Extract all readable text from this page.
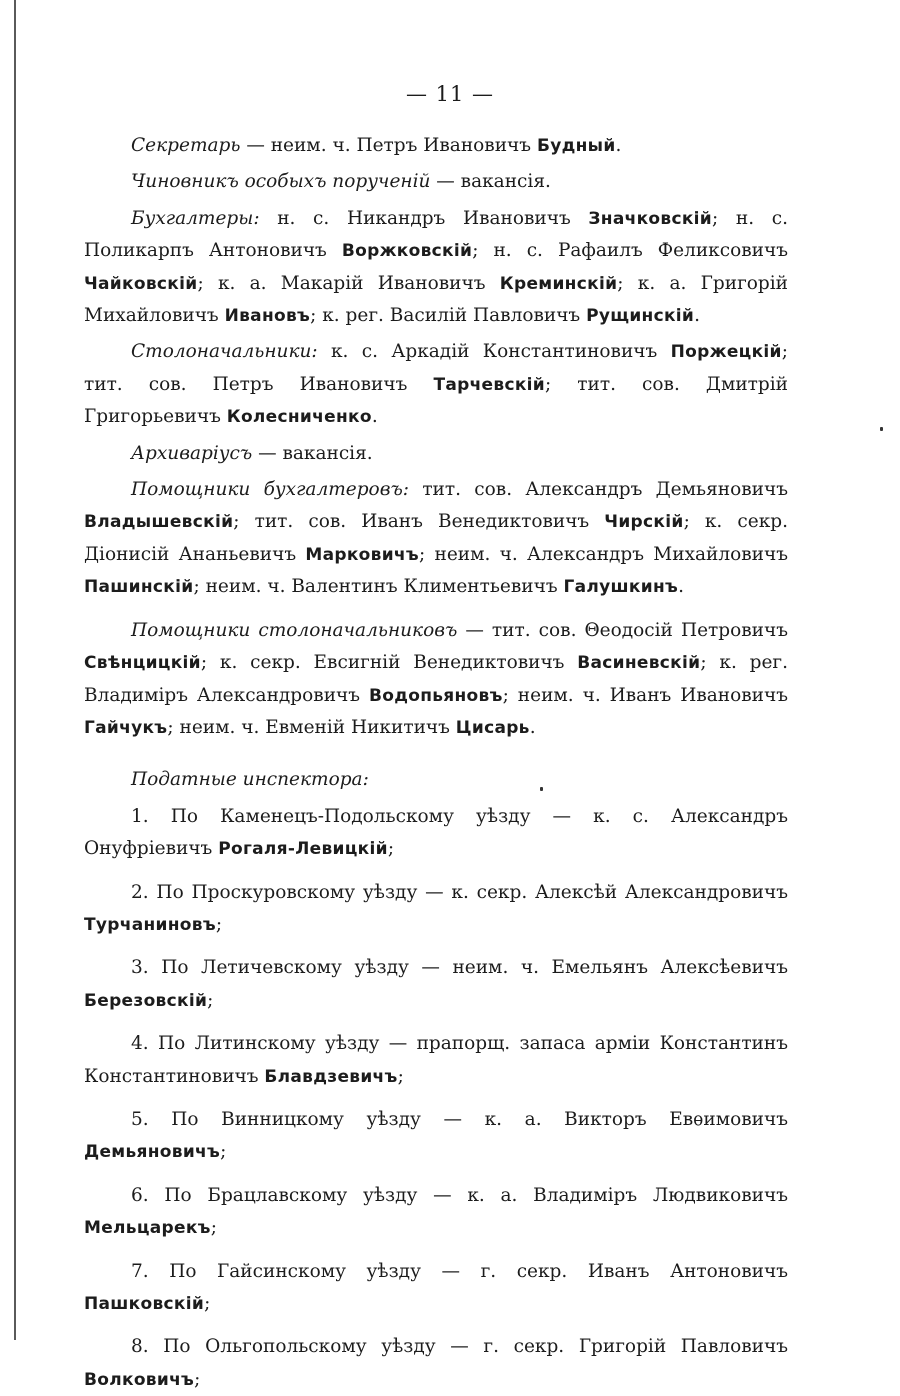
— 11 —

Секретарь — неим. ч. Петръ Ивановичъ Будный.

Чиновникъ особыхъ порученій — вакансія.

Бухгалтеры: н. с. Никандръ Ивановичъ Значковскій; н. с. Поликарпъ Антоновичъ Воржковскій; н. с. Рафаилъ Феликсовичъ Чайковскій; к. а. Макарій Ивановичъ Креминскій; к. а. Григорій Михайловичъ Ивановъ; к. рег. Василій Павловичъ Рущинскій.

Столоначальники: к. с. Аркадій Константиновичъ Поржецкій; тит. сов. Петръ Ивановичъ Тарчевскій; тит. сов. Дмитрій Григорьевичъ Колесниченко.

Архиваріусъ — вакансія.

Помощники бухгалтеровъ: тит. сов. Александръ Демьяновичъ Владышевскій; тит. сов. Иванъ Венедиктовичъ Чирскій; к. секр. Діонисій Ананьевичъ Марковичъ; неим. ч. Александръ Михайловичъ Пашинскій; неим. ч. Валентинъ Климентьевичъ Галушкинъ.

Помощники столоначальниковъ — тит. сов. Θеодосій Петровичъ Свѣнцицкій; к. секр. Евсигній Венедиктовичъ Васиневскій; к. рег. Владиміръ Александровичъ Водопьяновъ; неим. ч. Иванъ Ивановичъ Гайчукъ; неим. ч. Евменій Никитичъ Цисарь.

Податные инспектора:

1. По Каменецъ-Подольскому уѣзду — к. с. Александръ Онуфріевичъ Рогаля-Левицкій;

2. По Проскуровскому уѣзду — к. секр. Алексѣй Александровичъ Турчаниновъ;

3. По Летичевскому уѣзду — неим. ч. Емельянъ Алексѣевичъ Березовскій;

4. По Литинскому уѣзду — прапорщ. запаса арміи Константинъ Константиновичъ Блавдзевичъ;

5. По Винницкому уѣзду — к. а. Викторъ Евѳимовичъ Демьяновичъ;

6. По Брацлавскому уѣзду — к. а. Владиміръ Людвиковичъ Мельцарекъ;

7. По Гайсинскому уѣзду — г. секр. Иванъ Антоновичъ Пашковскій;

8. По Ольгопольскому уѣзду — г. секр. Григорій Павловичъ Волковичъ;
